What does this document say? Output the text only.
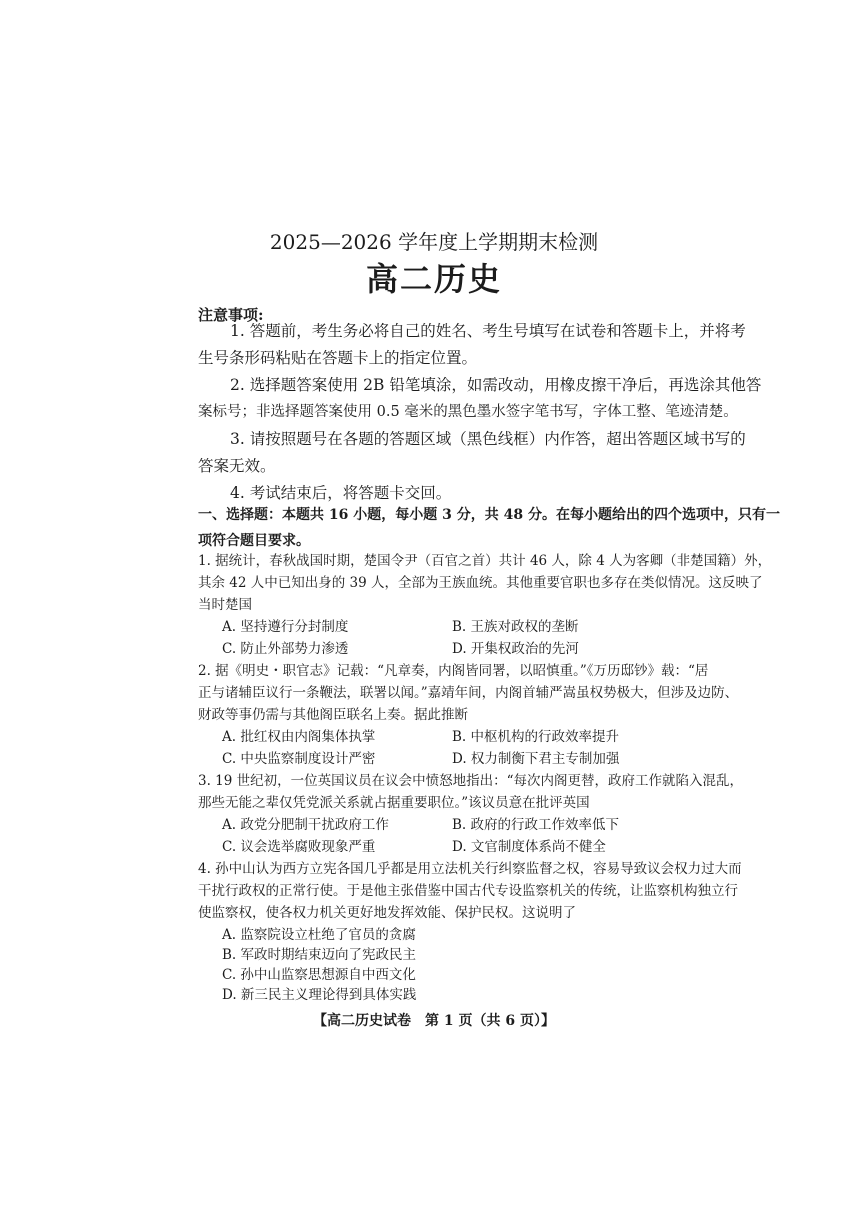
2025—2026 学年度上学期期末检测
高二历史
注意事项:
1. 答题前，考生务必将自己的姓名、考生号填写在试卷和答题卡上，并将考
生号条形码粘贴在答题卡上的指定位置。
2. 选择题答案使用 2B 铅笔填涂，如需改动，用橡皮擦干净后，再选涂其他答
案标号；非选择题答案使用 0.5 毫米的黑色墨水签字笔书写，字体工整、笔迹清楚。
3. 请按照题号在各题的答题区域（黑色线框）内作答，超出答题区域书写的
答案无效。
4. 考试结束后，将答题卡交回。
一、选择题：本题共 16 小题，每小题 3 分，共 48 分。在每小题给出的四个选项中，只有一
项符合题目要求。
1. 据统计，春秋战国时期，楚国令尹（百官之首）共计 46 人，除 4 人为客卿（非楚国籍）外，
其余 42 人中已知出身的 39 人，全部为王族血统。其他重要官职也多存在类似情况。这反映了
当时楚国
A. 坚持遵行分封制度	B. 王族对政权的垄断
C. 防止外部势力渗透	D. 开集权政治的先河
2. 据《明史・职官志》记载：“凡章奏，内阁皆同署，以昭慎重。”《万历邸钞》载：“居
正与诸辅臣议行一条鞭法，联署以闻。”嘉靖年间，内阁首辅严嵩虽权势极大，但涉及边防、
财政等事仍需与其他阁臣联名上奏。据此推断
A. 批红权由内阁集体执掌	B. 中枢机构的行政效率提升
C. 中央监察制度设计严密	D. 权力制衡下君主专制加强
3. 19 世纪初，一位英国议员在议会中愤怒地指出：“每次内阁更替，政府工作就陷入混乱，
那些无能之辈仅凭党派关系就占据重要职位。”该议员意在批评英国
A. 政党分肥制干扰政府工作	B. 政府的行政工作效率低下
C. 议会选举腐败现象严重	D. 文官制度体系尚不健全
4. 孙中山认为西方立宪各国几乎都是用立法机关行纠察监督之权，容易导致议会权力过大而
干扰行政权的正常行使。于是他主张借鉴中国古代专设监察机关的传统，让监察机构独立行
使监察权，使各权力机关更好地发挥效能、保护民权。这说明了
A. 监察院设立杜绝了官员的贪腐
B. 军政时期结束迈向了宪政民主
C. 孙中山监察思想源自中西文化
D. 新三民主义理论得到具体实践
【高二历史试卷　第 1 页（共 6 页）】
